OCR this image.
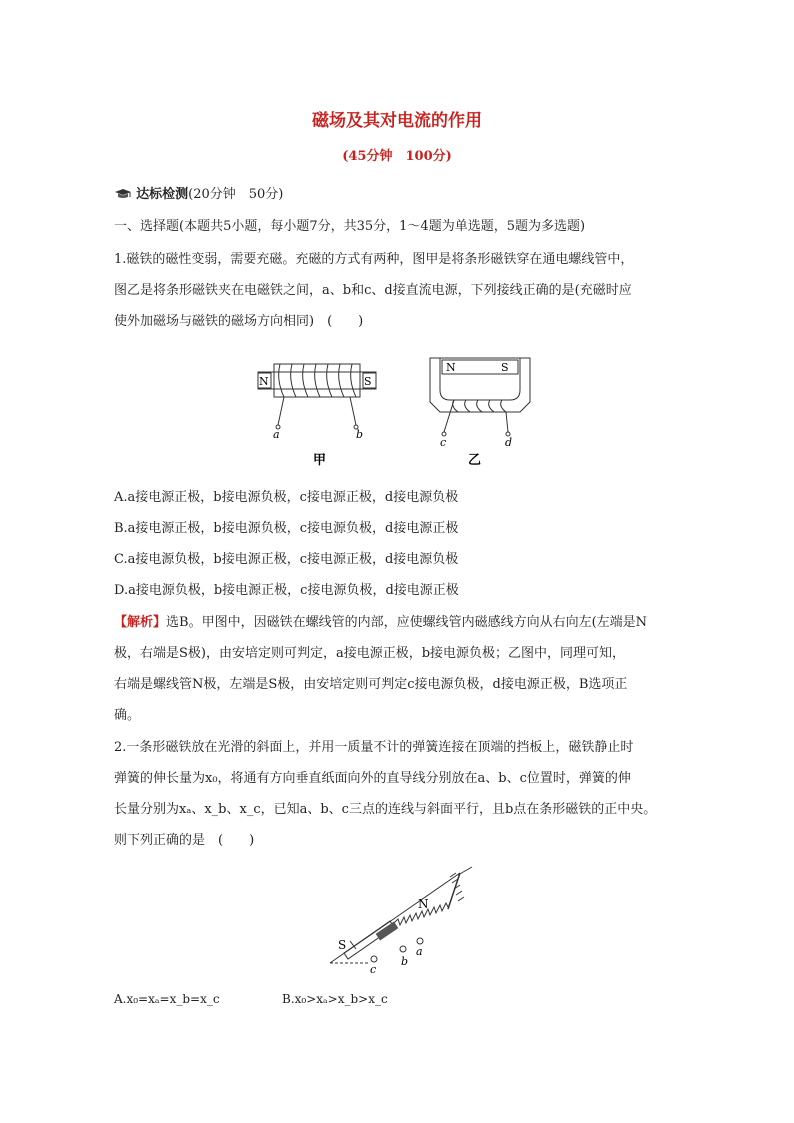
磁场及其对电流的作用
(45分钟　100分)
达标检测(20分钟　50分)
一、选择题(本题共5小题，每小题7分，共35分，1～4题为单选题，5题为多选题)
1.磁铁的磁性变弱，需要充磁。充磁的方式有两种，图甲是将条形磁铁穿在通电螺线管中，
图乙是将条形磁铁夹在电磁铁之间，a、b和c、d接直流电源，下列接线正确的是(充磁时应
使外加磁场与磁铁的磁场方向相同)　(　　)
N	S
a	b
甲
N	S
c	d
乙
A.a接电源正极，b接电源负极，c接电源正极，d接电源负极
B.a接电源正极，b接电源负极，c接电源负极，d接电源正极
C.a接电源负极，b接电源正极，c接电源正极，d接电源负极
D.a接电源负极，b接电源正极，c接电源负极，d接电源正极
【解析】选B。甲图中，因磁铁在螺线管的内部，应使螺线管内磁感线方向从右向左(左端是N
极，右端是S极)，由安培定则可判定，a接电源正极，b接电源负极；乙图中，同理可知，
右端是螺线管N极，左端是S极，由安培定则可判定c接电源负极，d接电源正极，B选项正
确。
2.一条形磁铁放在光滑的斜面上，并用一质量不计的弹簧连接在顶端的挡板上，磁铁静止时
弹簧的伸长量为x₀，将通有方向垂直纸面向外的直导线分别放在a、b、c位置时，弹簧的伸
长量分别为xₐ、x_b、x_c，已知a、b、c三点的连线与斜面平行，且b点在条形磁铁的正中央。
则下列正确的是　(　　)
S
N
a
b
c
A.x₀=xₐ=x_b=x_c	B.x₀>xₐ>x_b>x_c
